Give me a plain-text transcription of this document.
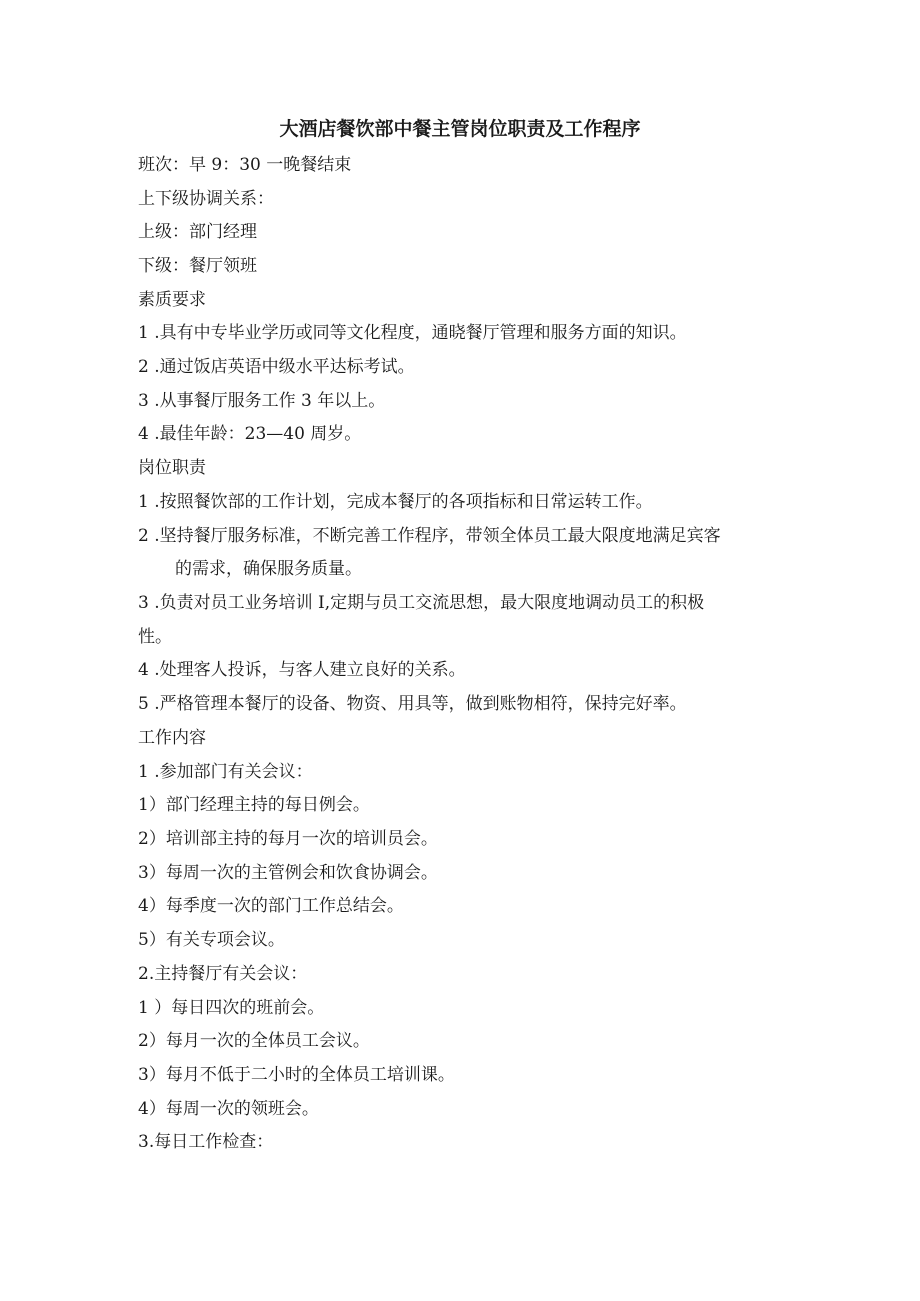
大酒店餐饮部中餐主管岗位职责及工作程序
班次：早 9：30 一晚餐结束
上下级协调关系：
上级：部门经理
下级：餐厅领班
素质要求
1 .具有中专毕业学历或同等文化程度，通晓餐厅管理和服务方面的知识。
2 .通过饭店英语中级水平达标考试。
3 .从事餐厅服务工作 3 年以上。
4 .最佳年龄：23—40 周岁。
岗位职责
1 .按照餐饮部的工作计划，完成本餐厅的各项指标和日常运转工作。
2 .坚持餐厅服务标准，不断完善工作程序，带领全体员工最大限度地满足宾客
的需求，确保服务质量。
3 .负责对员工业务培训 I,定期与员工交流思想，最大限度地调动员工的积极
性。
4 .处理客人投诉，与客人建立良好的关系。
5 .严格管理本餐厅的设备、物资、用具等，做到账物相符，保持完好率。
工作内容
1 .参加部门有关会议：
1）部门经理主持的每日例会。
2）培训部主持的每月一次的培训员会。
3）每周一次的主管例会和饮食协调会。
4）每季度一次的部门工作总结会。
5）有关专项会议。
2.主持餐厅有关会议：
1 ）每日四次的班前会。
2）每月一次的全体员工会议。
3）每月不低于二小时的全体员工培训课。
4）每周一次的领班会。
3.每日工作检查：
